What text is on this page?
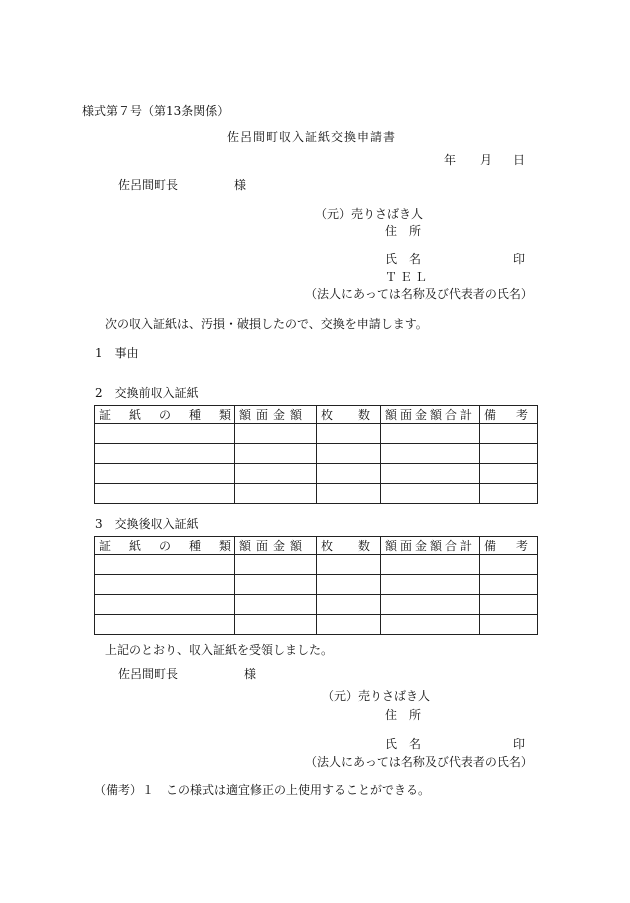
様式第７号（第13条関係）
佐呂間町収入証紙交換申請書
年 月 日
佐呂間町長	様
（元）売りさばき人
住　所
氏　名	印
ＴＥＬ
（法人にあっては名称及び代表者の氏名）
次の収入証紙は、汚損・破損したので、交換を申請します。
1　事由
2　交換前収入証紙
証紙の種類	額面金額	枚数	額面金額合計	備考

3　交換後収入証紙
証紙の種類	額面金額	枚数	額面金額合計	備考

上記のとおり、収入証紙を受領しました。
佐呂間町長	様
（元）売りさばき人
住　所
氏　名	印
（法人にあっては名称及び代表者の氏名）
（備考）１　この様式は適宜修正の上使用することができる。
